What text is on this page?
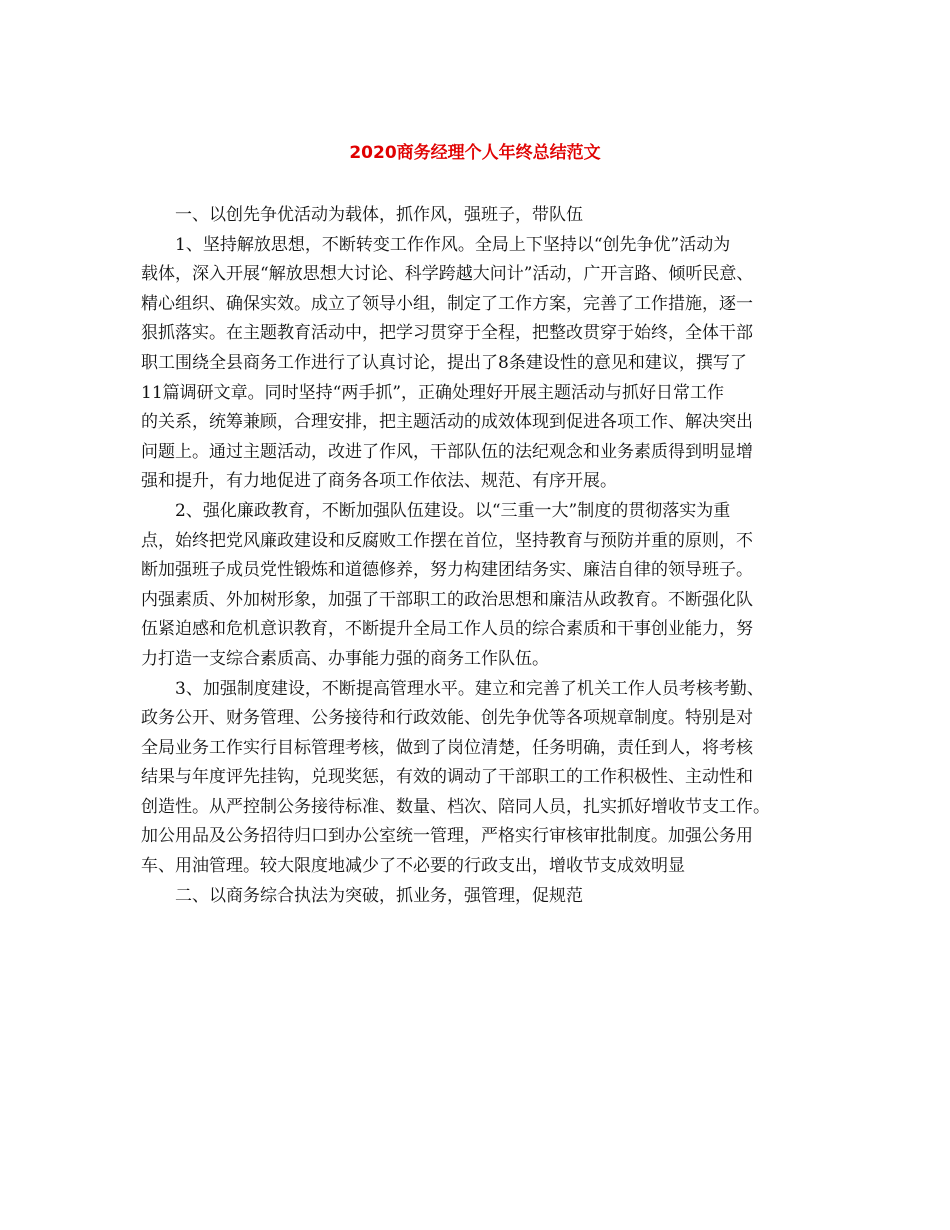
2020商务经理个人年终总结范文
一、以创先争优活动为载体，抓作风，强班子，带队伍
1、坚持解放思想，不断转变工作作风。全局上下坚持以“创先争优”活动为
载体，深入开展“解放思想大讨论、科学跨越大问计”活动，广开言路、倾听民意、
精心组织、确保实效。成立了领导小组，制定了工作方案，完善了工作措施，逐一
狠抓落实。在主题教育活动中，把学习贯穿于全程，把整改贯穿于始终，全体干部
职工围绕全县商务工作进行了认真讨论，提出了8条建设性的意见和建议，撰写了
11篇调研文章。同时坚持“两手抓”，正确处理好开展主题活动与抓好日常工作
的关系，统筹兼顾，合理安排，把主题活动的成效体现到促进各项工作、解决突出
问题上。通过主题活动，改进了作风，干部队伍的法纪观念和业务素质得到明显增
强和提升，有力地促进了商务各项工作依法、规范、有序开展。
2、强化廉政教育，不断加强队伍建设。以“三重一大”制度的贯彻落实为重
点，始终把党风廉政建设和反腐败工作摆在首位，坚持教育与预防并重的原则，不
断加强班子成员党性锻炼和道德修养，努力构建团结务实、廉洁自律的领导班子。
内强素质、外加树形象，加强了干部职工的政治思想和廉洁从政教育。不断强化队
伍紧迫感和危机意识教育，不断提升全局工作人员的综合素质和干事创业能力，努
力打造一支综合素质高、办事能力强的商务工作队伍。
3、加强制度建设，不断提高管理水平。建立和完善了机关工作人员考核考勤、
政务公开、财务管理、公务接待和行政效能、创先争优等各项规章制度。特别是对
全局业务工作实行目标管理考核，做到了岗位清楚，任务明确，责任到人，将考核
结果与年度评先挂钩，兑现奖惩，有效的调动了干部职工的工作积极性、主动性和
创造性。从严控制公务接待标准、数量、档次、陪同人员，扎实抓好增收节支工作。
加公用品及公务招待归口到办公室统一管理，严格实行审核审批制度。加强公务用
车、用油管理。较大限度地减少了不必要的行政支出，增收节支成效明显
二、以商务综合执法为突破，抓业务，强管理，促规范
